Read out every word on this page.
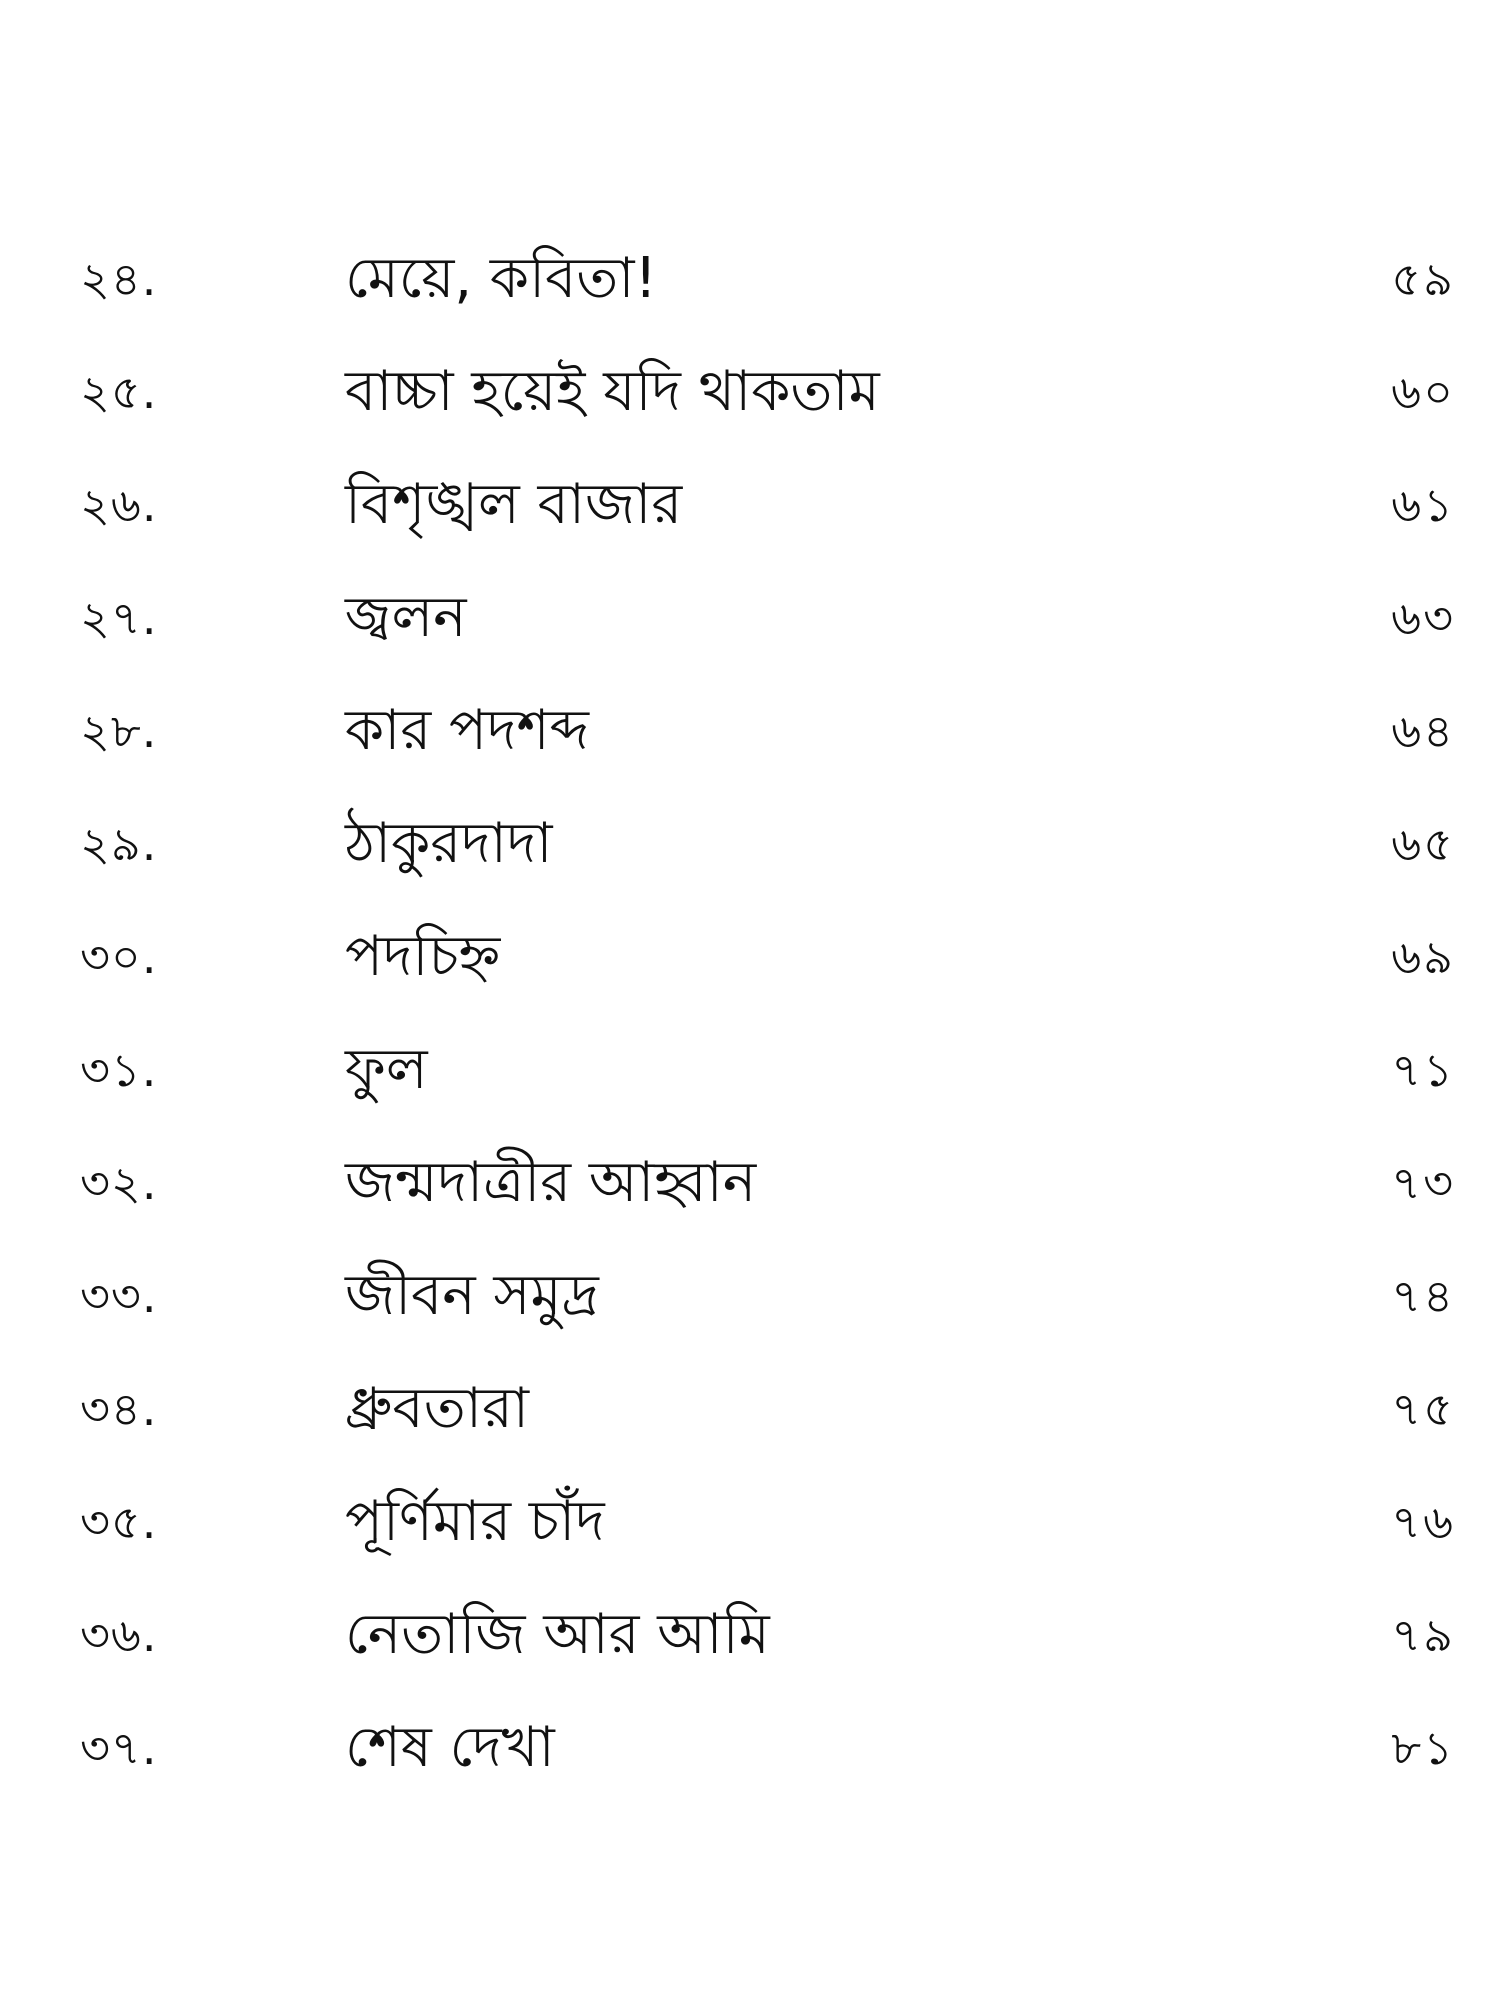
২৪.	মেয়ে, কবিতা!	৫৯
২৫.	বাচ্চা হয়েই যদি থাকতাম	৬০
২৬.	বিশৃঙ্খল বাজার	৬১
২৭.	জ্বলন	৬৩
২৮.	কার পদশব্দ	৬৪
২৯.	ঠাকুরদাদা	৬৫
৩০.	পদচিহ্ন	৬৯
৩১.	ফুল	৭১
৩২.	জন্মদাত্রীর আহ্বান	৭৩
৩৩.	জীবন সমুদ্র	৭৪
৩৪.	ধ্রুবতারা	৭৫
৩৫.	পূর্ণিমার চাঁদ	৭৬
৩৬.	নেতাজি আর আমি	৭৯
৩৭.	শেষ দেখা	৮১
